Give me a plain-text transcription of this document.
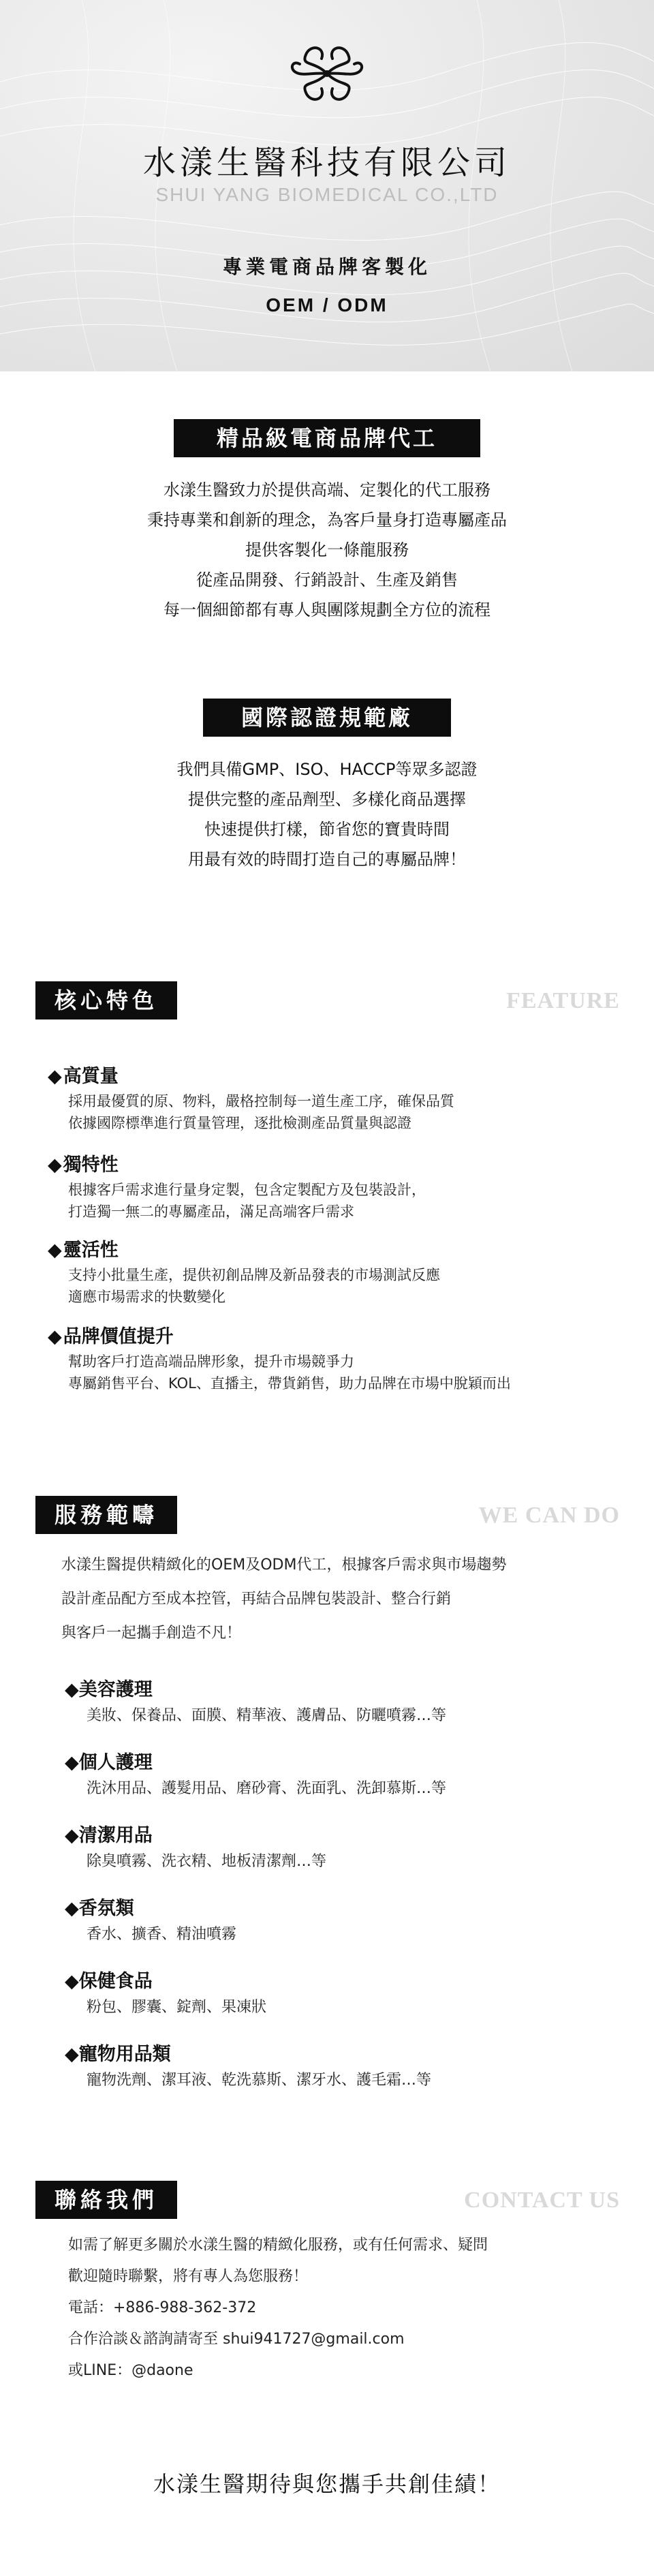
水漾生醫科技有限公司
SHUI YANG BIOMEDICAL CO.,LTD
專業電商品牌客製化
OEM / ODM
精品級電商品牌代工
水漾生醫致力於提供高端、定製化的代工服務
秉持專業和創新的理念，為客戶量身打造專屬產品
提供客製化一條龍服務
從產品開發、行銷設計、生產及銷售
每一個細節都有專人與團隊規劃全方位的流程
國際認證規範廠
我們具備GMP、ISO、HACCP等眾多認證
提供完整的產品劑型、多樣化商品選擇
快速提供打樣，節省您的寶貴時間
用最有效的時間打造自己的專屬品牌！
核心特色	FEATURE
◆高質量
採用最優質的原、物料，嚴格控制每一道生產工序，確保品質
依據國際標準進行質量管理，逐批檢測產品質量與認證
◆獨特性
根據客戶需求進行量身定製，包含定製配方及包裝設計，
打造獨一無二的專屬產品，滿足高端客戶需求
◆靈活性
支持小批量生產，提供初創品牌及新品發表的市場測試反應
適應市場需求的快數變化
◆品牌價值提升
幫助客戶打造高端品牌形象，提升市場競爭力
專屬銷售平台、KOL、直播主，帶貨銷售，助力品牌在市場中脫穎而出
服務範疇	WE CAN DO
水漾生醫提供精緻化的OEM及ODM代工，根據客戶需求與市場趨勢
設計產品配方至成本控管，再結合品牌包裝設計、整合行銷
與客戶一起攜手創造不凡！
◆美容護理
美妝、保養品、面膜、精華液、護膚品、防曬噴霧…等
◆個人護理
洗沐用品、護髮用品、磨砂膏、洗面乳、洗卸慕斯…等
◆清潔用品
除臭噴霧、洗衣精、地板清潔劑…等
◆香氛類
香水、擴香、精油噴霧
◆保健食品
粉包、膠囊、錠劑、果凍狀
◆寵物用品類
寵物洗劑、潔耳液、乾洗慕斯、潔牙水、護毛霜…等
聯絡我們	CONTACT US
如需了解更多關於水漾生醫的精緻化服務，或有任何需求、疑問
歡迎隨時聯繫，將有專人為您服務！
電話：+886-988-362-372
合作洽談＆諮詢請寄至 shui941727@gmail.com
或LINE：@daone
水漾生醫期待與您攜手共創佳績！
